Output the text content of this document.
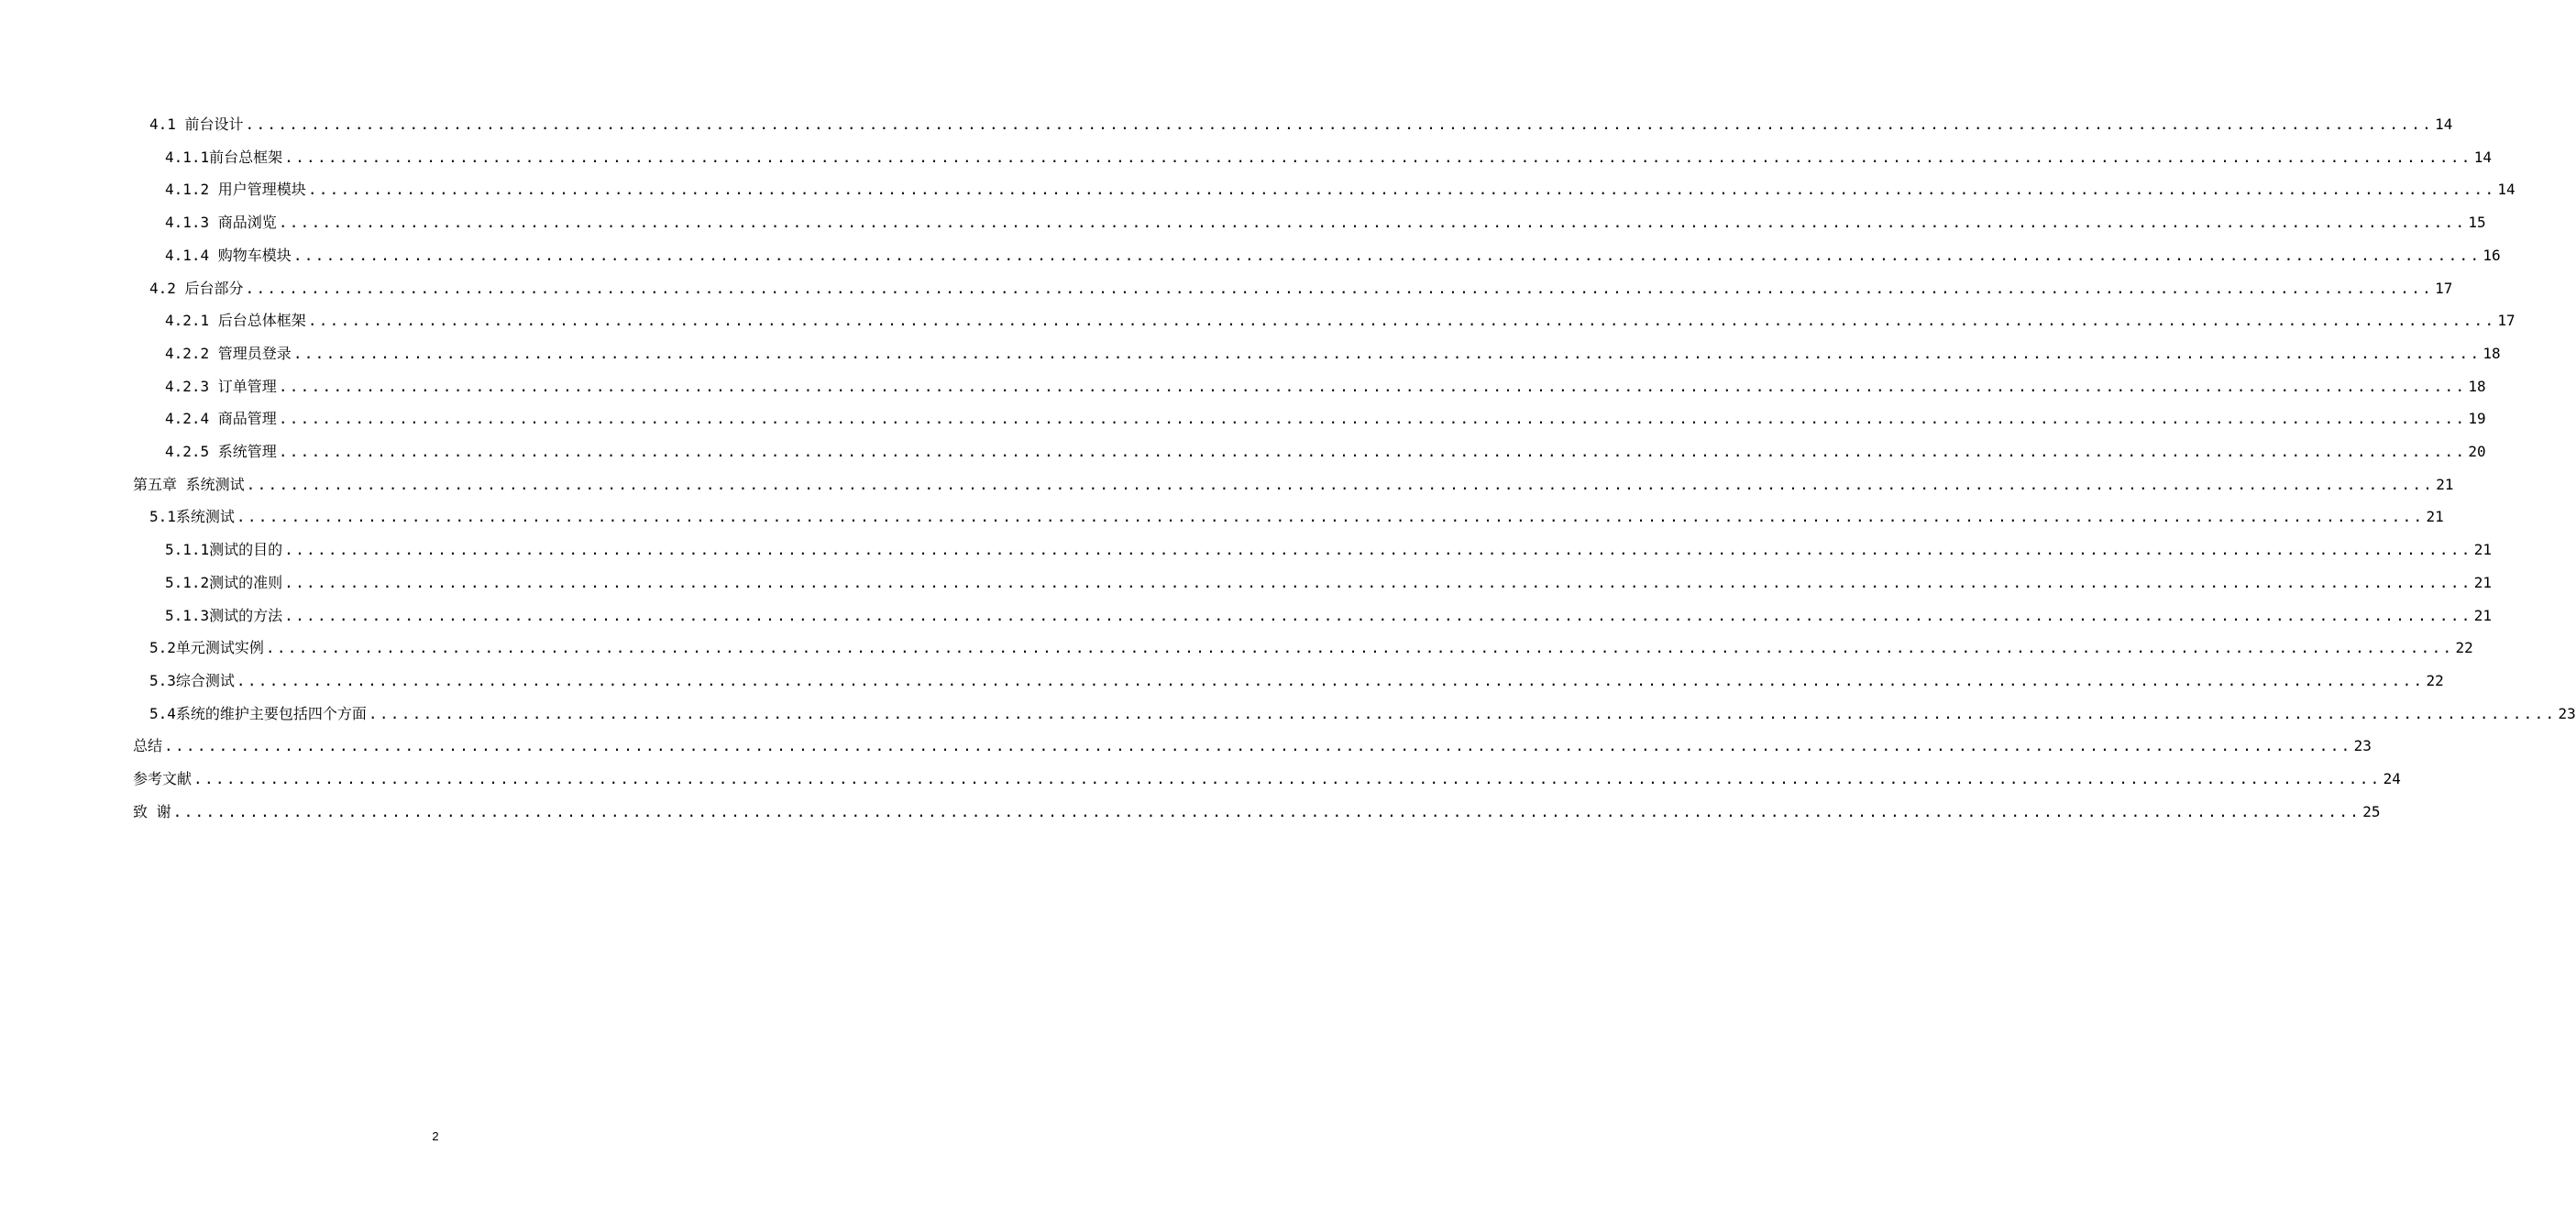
4.1 前台设计 ........................................................................................................................................................................................................ 14
4.1.1前台总框架 ........................................................................................................................................................................................................ 14
4.1.2 用户管理模块 ........................................................................................................................................................................................................ 14
4.1.3 商品浏览 ........................................................................................................................................................................................................ 15
4.1.4 购物车模块 ........................................................................................................................................................................................................ 16
4.2 后台部分 ........................................................................................................................................................................................................ 17
4.2.1 后台总体框架 ........................................................................................................................................................................................................ 17
4.2.2 管理员登录 ........................................................................................................................................................................................................ 18
4.2.3 订单管理 ........................................................................................................................................................................................................ 18
4.2.4 商品管理 ........................................................................................................................................................................................................ 19
4.2.5 系统管理 ........................................................................................................................................................................................................ 20
第五章 系统测试 ........................................................................................................................................................................................................ 21
5.1系统测试 ........................................................................................................................................................................................................ 21
5.1.1测试的目的 ........................................................................................................................................................................................................ 21
5.1.2测试的准则 ........................................................................................................................................................................................................ 21
5.1.3测试的方法 ........................................................................................................................................................................................................ 21
5.2单元测试实例 ........................................................................................................................................................................................................ 22
5.3综合测试 ........................................................................................................................................................................................................ 22
5.4系统的维护主要包括四个方面 ........................................................................................................................................................................................................ 23
总结 ........................................................................................................................................................................................................ 23
参考文献 ........................................................................................................................................................................................................ 24
致 谢 ........................................................................................................................................................................................................ 25
2
